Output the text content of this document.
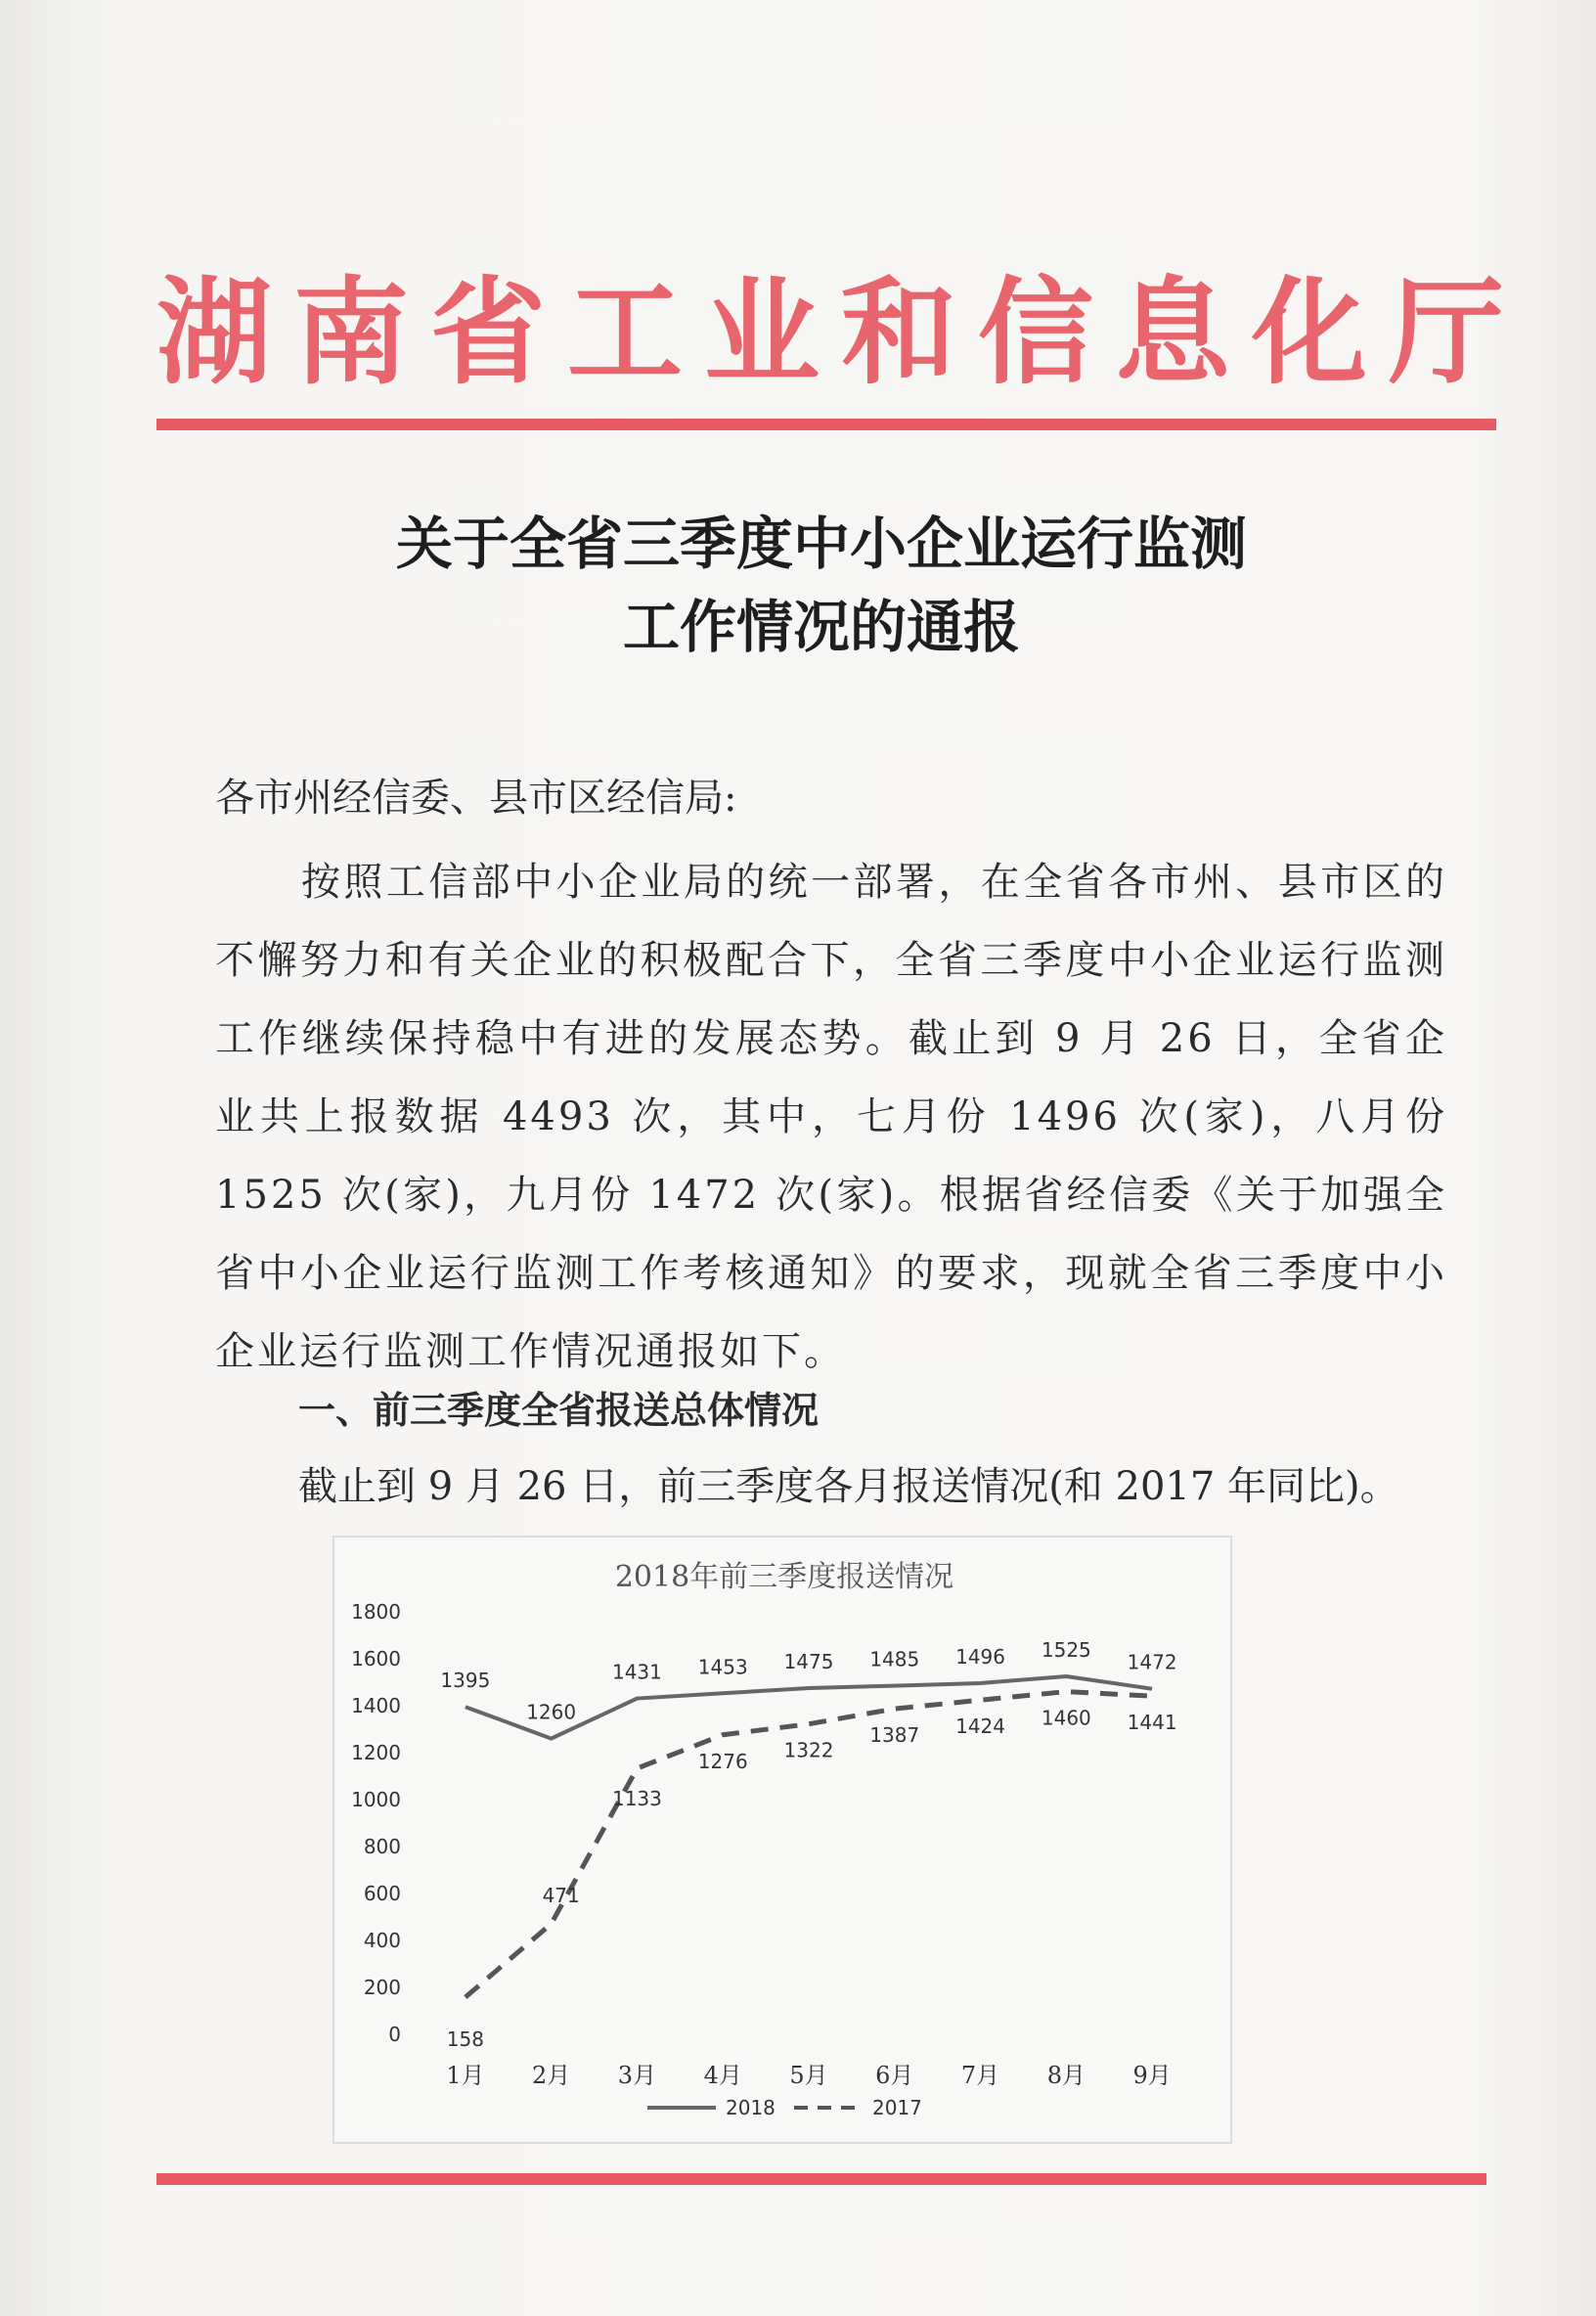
湖南省工业和信息化厅
关于全省三季度中小企业运行监测
工作情况的通报
各市州经信委、县市区经信局:
按照工信部中小企业局的统一部署，在全省各市州、县市区的不懈努力和有关企业的积极配合下，全省三季度中小企业运行监测工作继续保持稳中有进的发展态势。截止到 9 月 26 日，全省企业共上报数据 4493 次，其中，七月份 1496 次(家)，八月份 1525 次(家)，九月份 1472 次(家)。根据省经信委《关于加强全省中小企业运行监测工作考核通知》的要求，现就全省三季度中小企业运行监测工作情况通报如下。
一、前三季度全省报送总体情况
截止到 9 月 26 日，前三季度各月报送情况(和 2017 年同比)。
2018年前三季度报送情况
0
200
400
600
800
1000
1200
1400
1600
1800
1月 2月 3月 4月 5月 6月 7月 8月 9月
1395
1260
1431 1453 1475 1485 1496 1525
1472
158
471
1133
1276 1322
1387 1424 1460 1441
2018	2017
